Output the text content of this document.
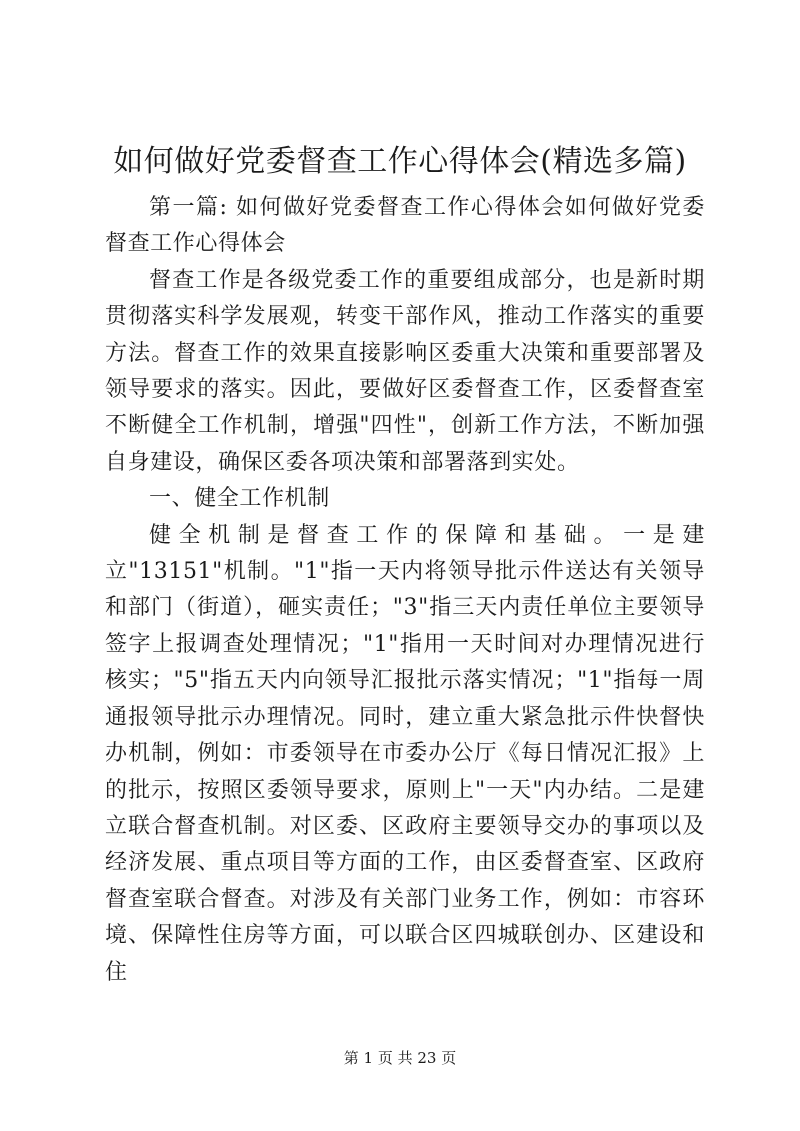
如何做好党委督查工作心得体会(精选多篇)

第一篇: 如何做好党委督查工作心得体会如何做好党委督查工作心得体会

督查工作是各级党委工作的重要组成部分，也是新时期贯彻落实科学发展观，转变干部作风，推动工作落实的重要方法。督查工作的效果直接影响区委重大决策和重要部署及领导要求的落实。因此，要做好区委督查工作，区委督查室不断健全工作机制，增强"四性"，创新工作方法，不断加强自身建设，确保区委各项决策和部署落到实处。

一、健全工作机制

健全机制是督查工作的保障和基础。一是建立"13151"机制。"1"指一天内将领导批示件送达有关领导和部门（街道），砸实责任；"3"指三天内责任单位主要领导签字上报调查处理情况；"1"指用一天时间对办理情况进行核实；"5"指五天内向领导汇报批示落实情况；"1"指每一周通报领导批示办理情况。同时，建立重大紧急批示件快督快办机制，例如：市委领导在市委办公厅《每日情况汇报》上的批示，按照区委领导要求，原则上"一天"内办结。二是建立联合督查机制。对区委、区政府主要领导交办的事项以及经济发展、重点项目等方面的工作，由区委督查室、区政府督查室联合督查。对涉及有关部门业务工作，例如：市容环境、保障性住房等方面，可以联合区四城联创办、区建设和住

第 1 页 共 23 页
